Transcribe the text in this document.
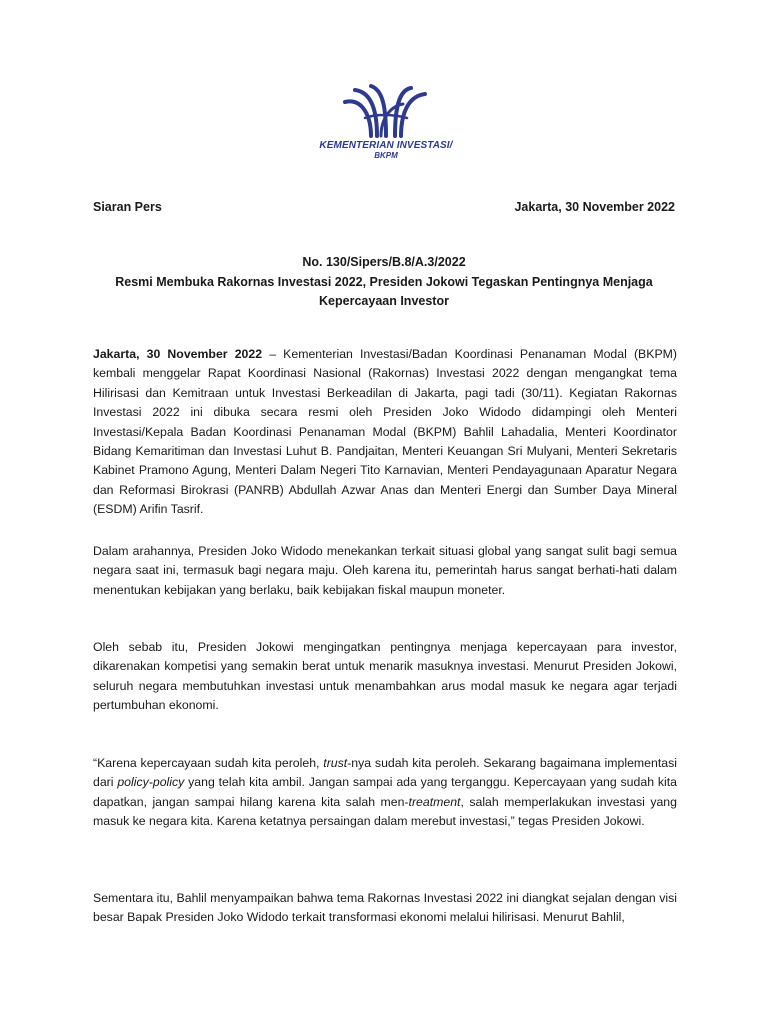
KEMENTERIAN INVESTASI/
BKPM
Siaran Pers	Jakarta, 30 November 2022
No. 130/Sipers/B.8/A.3/2022
Resmi Membuka Rakornas Investasi 2022, Presiden Jokowi Tegaskan Pentingnya Menjaga
Kepercayaan Investor
Jakarta, 30 November 2022 – Kementerian Investasi/Badan Koordinasi Penanaman Modal (BKPM) kembali menggelar Rapat Koordinasi Nasional (Rakornas) Investasi 2022 dengan mengangkat tema Hilirisasi dan Kemitraan untuk Investasi Berkeadilan di Jakarta, pagi tadi (30/11). Kegiatan Rakornas Investasi 2022 ini dibuka secara resmi oleh Presiden Joko Widodo didampingi oleh Menteri Investasi/Kepala Badan Koordinasi Penanaman Modal (BKPM) Bahlil Lahadalia, Menteri Koordinator Bidang Kemaritiman dan Investasi Luhut B. Pandjaitan, Menteri Keuangan Sri Mulyani, Menteri Sekretaris Kabinet Pramono Agung, Menteri Dalam Negeri Tito Karnavian, Menteri Pendayagunaan Aparatur Negara dan Reformasi Birokrasi (PANRB) Abdullah Azwar Anas dan Menteri Energi dan Sumber Daya Mineral (ESDM) Arifin Tasrif.
Dalam arahannya, Presiden Joko Widodo menekankan terkait situasi global yang sangat sulit bagi semua negara saat ini, termasuk bagi negara maju. Oleh karena itu, pemerintah harus sangat berhati-hati dalam menentukan kebijakan yang berlaku, baik kebijakan fiskal maupun moneter.
Oleh sebab itu, Presiden Jokowi mengingatkan pentingnya menjaga kepercayaan para investor, dikarenakan kompetisi yang semakin berat untuk menarik masuknya investasi. Menurut Presiden Jokowi, seluruh negara membutuhkan investasi untuk menambahkan arus modal masuk ke negara agar terjadi pertumbuhan ekonomi.
“Karena kepercayaan sudah kita peroleh, trust-nya sudah kita peroleh. Sekarang bagaimana implementasi dari policy-policy yang telah kita ambil. Jangan sampai ada yang terganggu. Kepercayaan yang sudah kita dapatkan, jangan sampai hilang karena kita salah men-treatment, salah memperlakukan investasi yang masuk ke negara kita. Karena ketatnya persaingan dalam merebut investasi,” tegas Presiden Jokowi.
Sementara itu, Bahlil menyampaikan bahwa tema Rakornas Investasi 2022 ini diangkat sejalan dengan visi besar Bapak Presiden Joko Widodo terkait transformasi ekonomi melalui hilirisasi. Menurut Bahlil,
